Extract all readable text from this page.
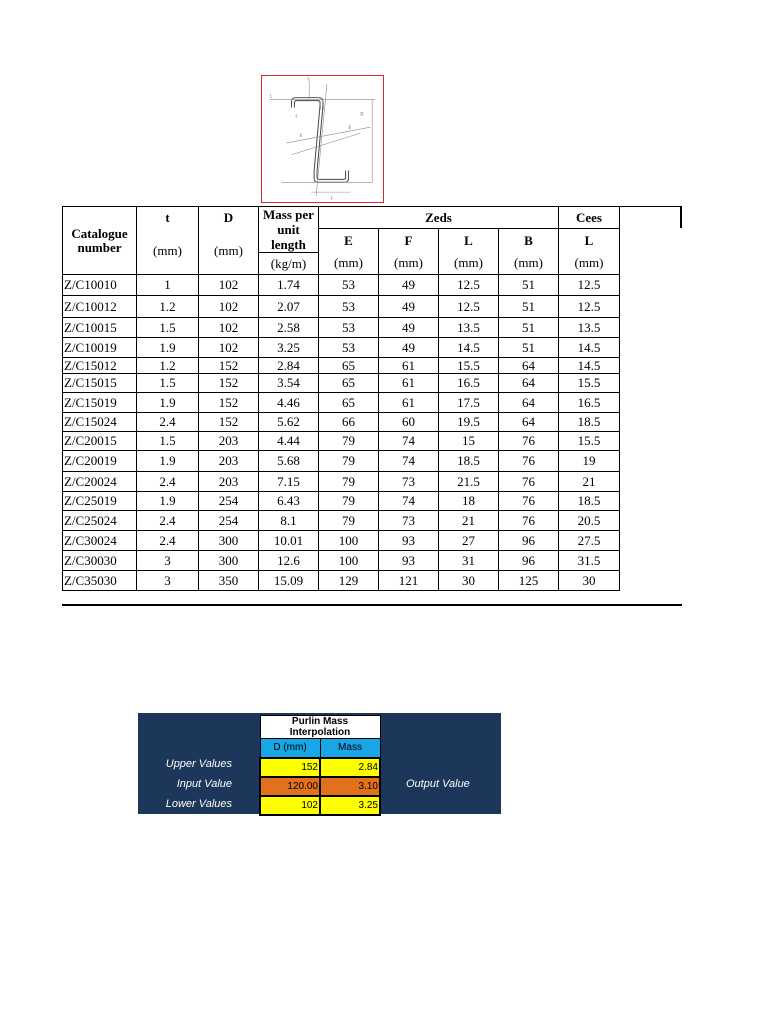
Y
L
D
X
E
F
t
Catalogue number	t	D	Mass per unit length	Zeds				Cees	
	(mm)	(mm)		E	F	L	B	L	
			(kg/m)	(mm)	(mm)	(mm)	(mm)	(mm)	
Z/C10010	1	102	1.74	53	49	12.5	51	12.5	
Z/C10012	1.2	102	2.07	53	49	12.5	51	12.5	
Z/C10015	1.5	102	2.58	53	49	13.5	51	13.5	
Z/C10019	1.9	102	3.25	53	49	14.5	51	14.5	
Z/C15012	1.2	152	2.84	65	61	15.5	64	14.5	
Z/C15015	1.5	152	3.54	65	61	16.5	64	15.5	
Z/C15019	1.9	152	4.46	65	61	17.5	64	16.5	
Z/C15024	2.4	152	5.62	66	60	19.5	64	18.5	
Z/C20015	1.5	203	4.44	79	74	15	76	15.5	
Z/C20019	1.9	203	5.68	79	74	18.5	76	19	
Z/C20024	2.4	203	7.15	79	73	21.5	76	21	
Z/C25019	1.9	254	6.43	79	74	18	76	18.5	
Z/C25024	2.4	254	8.1	79	73	21	76	20.5	
Z/C30024	2.4	300	10.01	100	93	27	96	27.5	
Z/C30030	3	300	12.6	100	93	31	96	31.5	
Z/C35030	3	350	15.09	129	121	30	125	30	
Upper Values
Input Value
Lower Values
Output Value
Purlin Mass Interpolation	
D (mm)	Mass
152	2.84
120.00	3.10
102	3.25
